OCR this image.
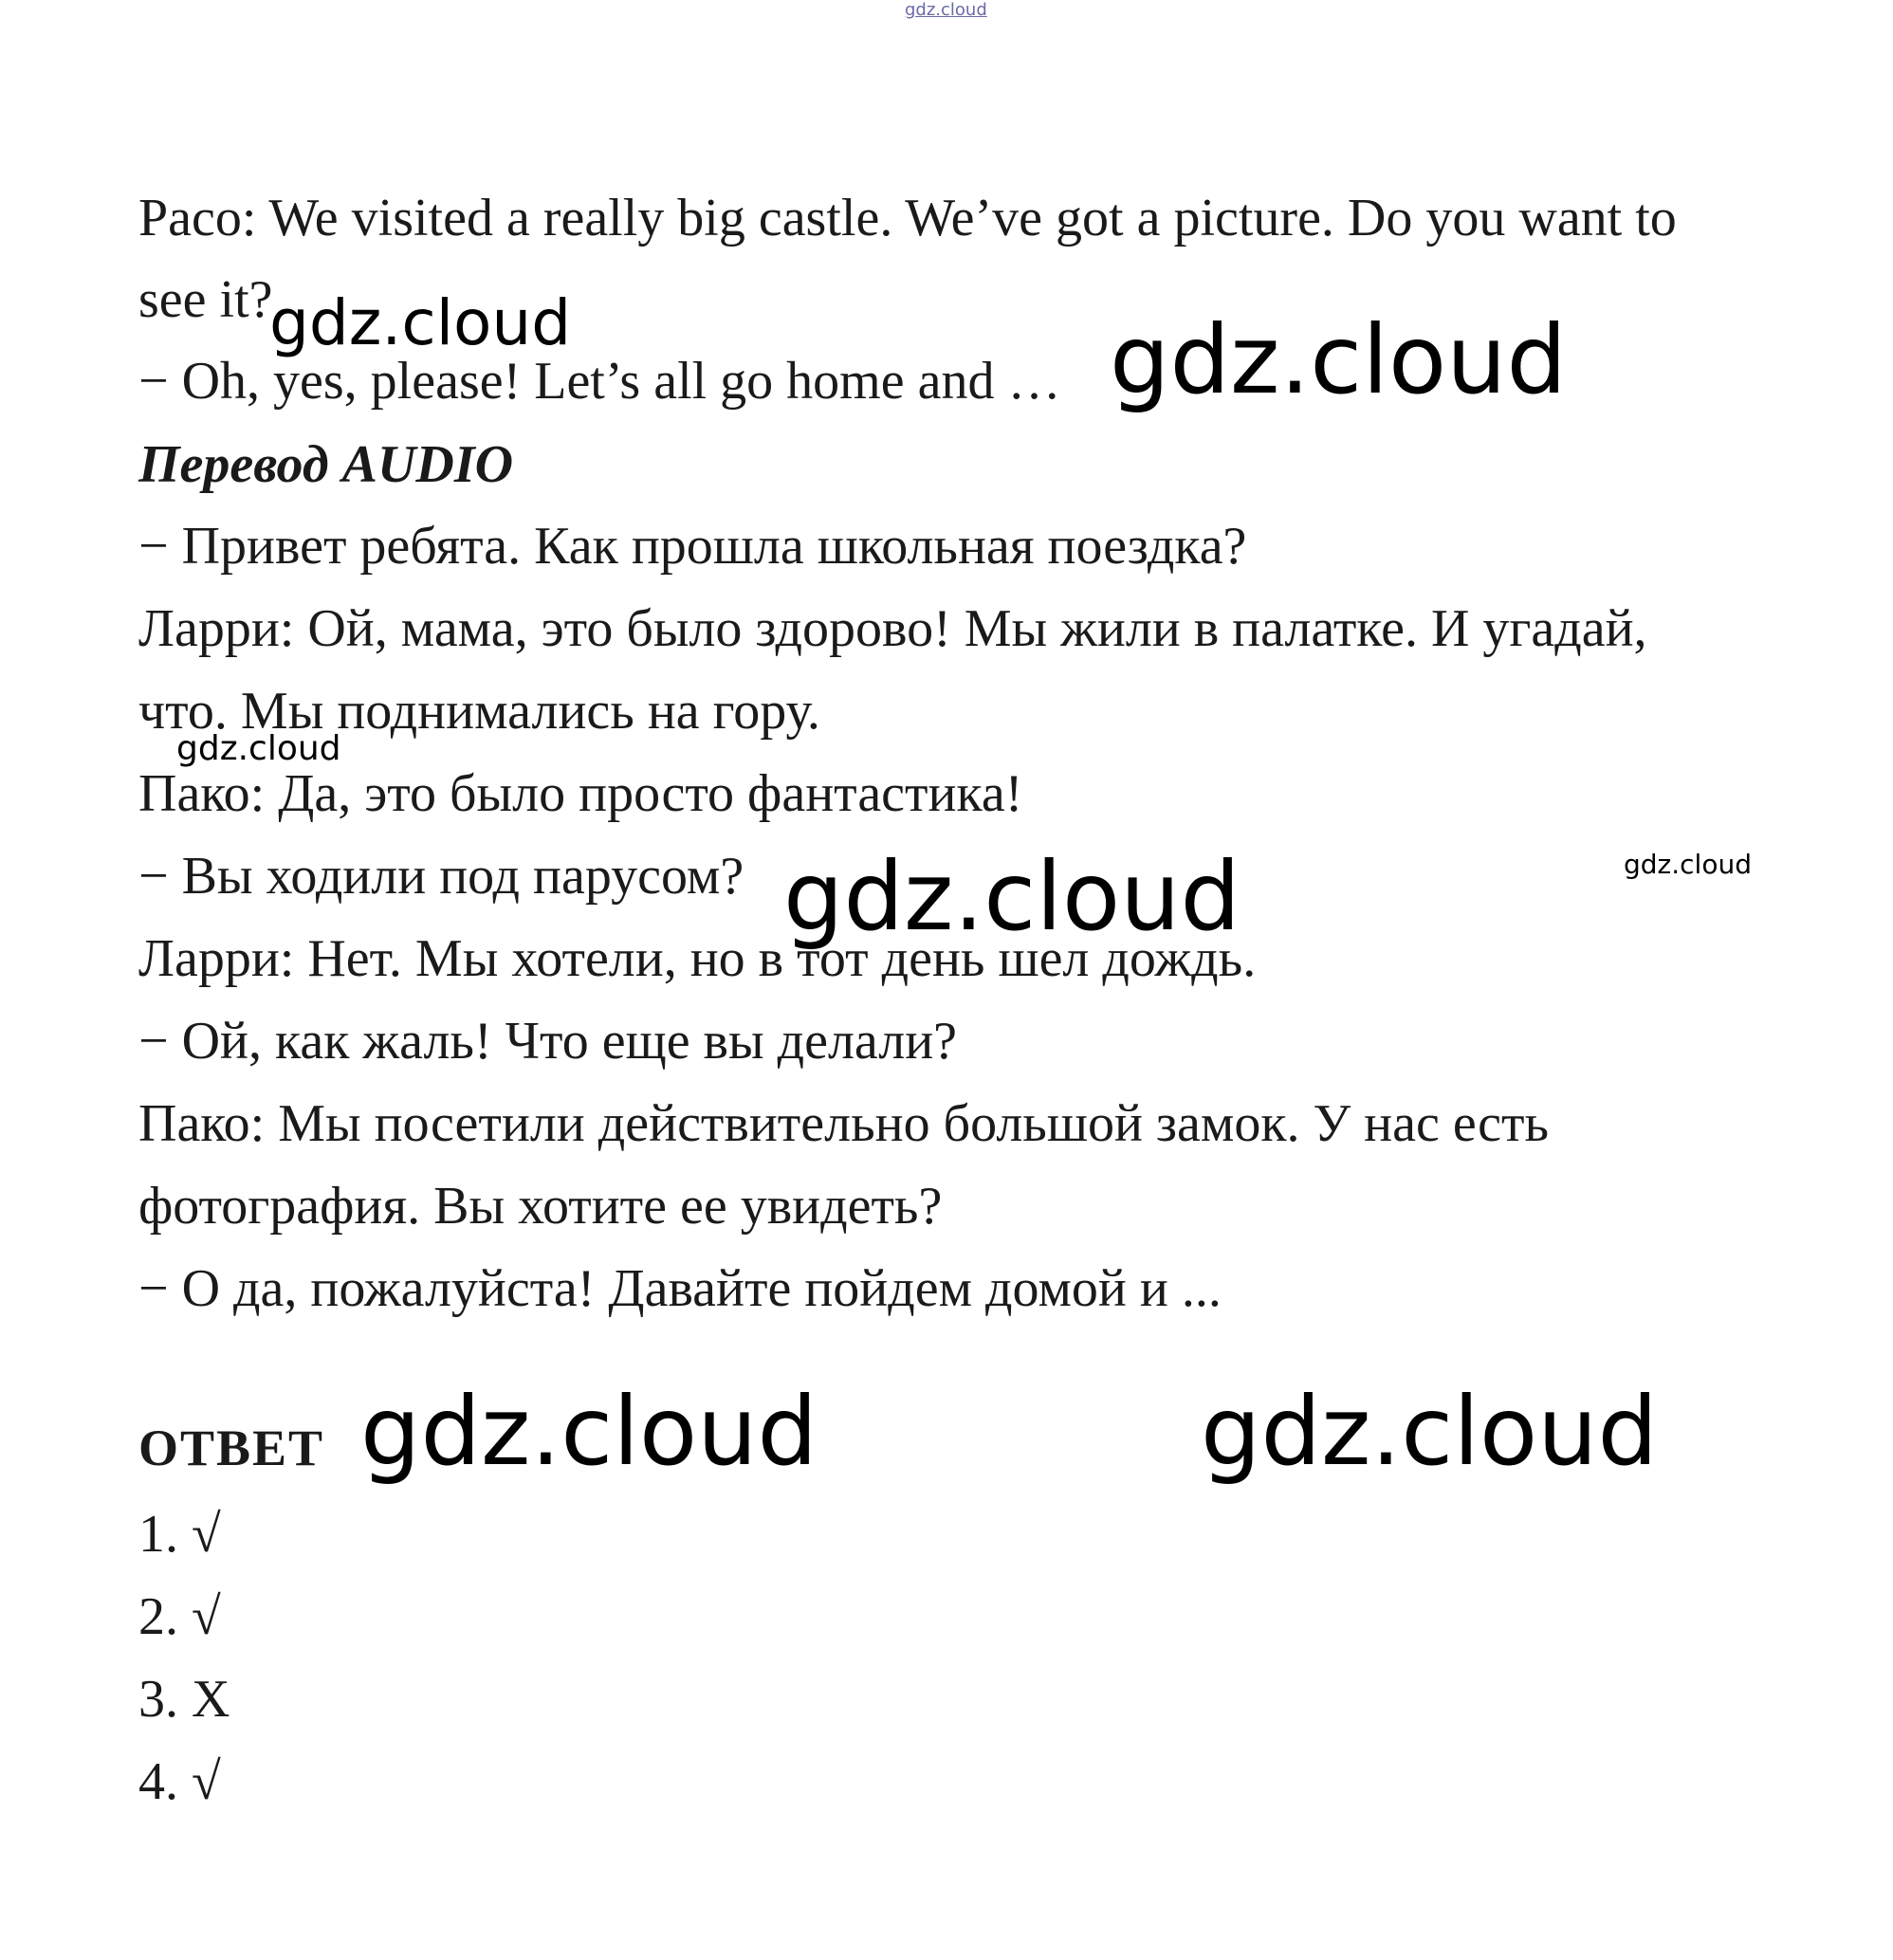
gdz.cloud
Paco: We visited a really big castle. We’ve got a picture. Do you want to
see it?
− Oh, yes, please! Let’s all go home and …
Перевод AUDIO
− Привет ребята. Как прошла школьная поездка?
Ларри: Ой, мама, это было здорово! Мы жили в палатке. И угадай,
что. Мы поднимались на гору.
Пако: Да, это было просто фантастика!
− Вы ходили под парусом?
Ларри: Нет. Мы хотели, но в тот день шел дождь.
− Ой, как жаль! Что еще вы делали?
Пако: Мы посетили действительно большой замок. У нас есть
фотография. Вы хотите ее увидеть?
− О да, пожалуйста! Давайте пойдем домой и ...
ОТВЕТ
1. √
2. √
3. X
4. √
gdz.cloud	gdz.cloud
gdz.cloud
gdz.cloud
gdz.cloud
gdz.cloud	gdz.cloud
